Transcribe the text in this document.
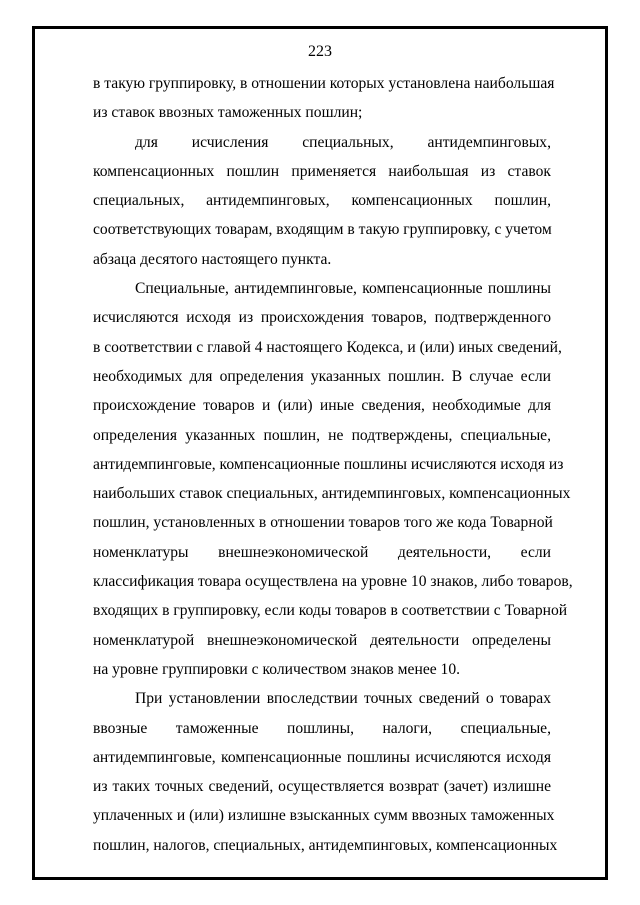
223
в такую группировку, в отношении которых установлена наибольшая
из ставок ввозных таможенных пошлин;
для исчисления специальных, антидемпинговых,
компенсационных пошлин применяется наибольшая из ставок
специальных, антидемпинговых, компенсационных пошлин,
соответствующих товарам, входящим в такую группировку, с учетом
абзаца десятого настоящего пункта.
Специальные, антидемпинговые, компенсационные пошлины
исчисляются исходя из происхождения товаров, подтвержденного
в соответствии с главой 4 настоящего Кодекса, и (или) иных сведений,
необходимых для определения указанных пошлин. В случае если
происхождение товаров и (или) иные сведения, необходимые для
определения указанных пошлин, не подтверждены, специальные,
антидемпинговые, компенсационные пошлины исчисляются исходя из
наибольших ставок специальных, антидемпинговых, компенсационных
пошлин, установленных в отношении товаров того же кода Товарной
номенклатуры внешнеэкономической деятельности, если
классификация товара осуществлена на уровне 10 знаков, либо товаров,
входящих в группировку, если коды товаров в соответствии с Товарной
номенклатурой внешнеэкономической деятельности определены
на уровне группировки с количеством знаков менее 10.
При установлении впоследствии точных сведений о товарах
ввозные таможенные пошлины, налоги, специальные,
антидемпинговые, компенсационные пошлины исчисляются исходя
из таких точных сведений, осуществляется возврат (зачет) излишне
уплаченных и (или) излишне взысканных сумм ввозных таможенных
пошлин, налогов, специальных, антидемпинговых, компенсационных
